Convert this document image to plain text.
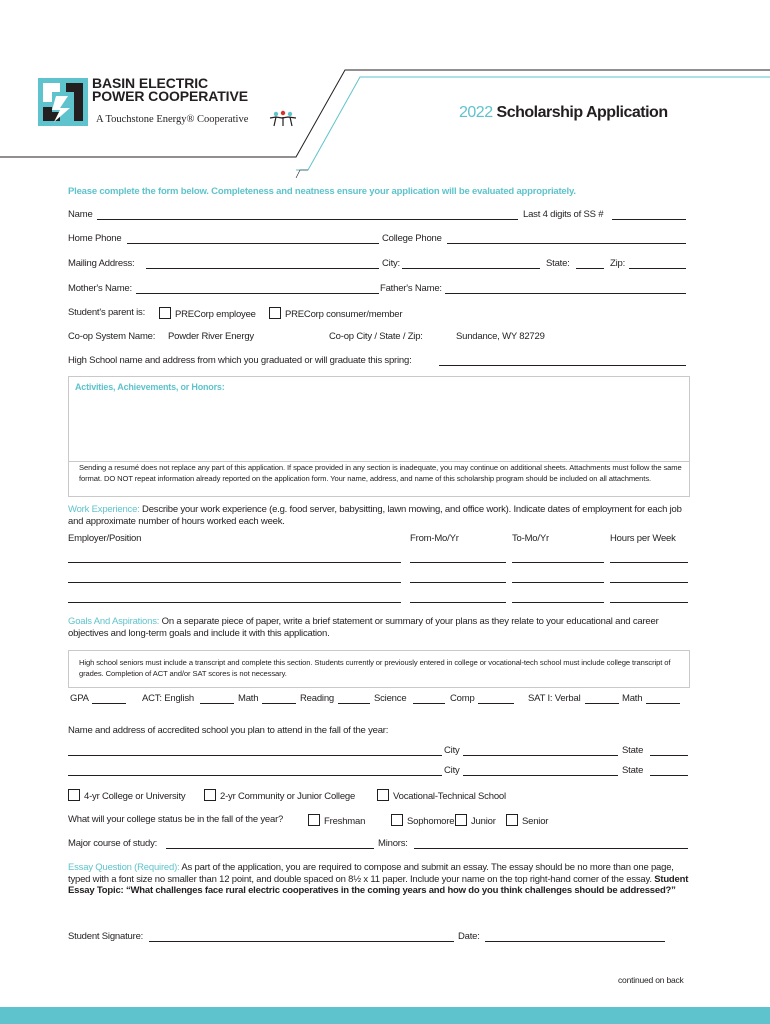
BASIN ELECTRIC
POWER COOPERATIVE
A Touchstone Energy® Cooperative	2022 Scholarship Application
Please complete the form below. Completeness and neatness ensure your application will be evaluated appropriately.
Name	Last 4 digits of SS #
Home Phone	College Phone
Mailing Address:	City:	State:	Zip:
Mother's Name:	Father's Name:
Student's parent is:	PRECorp employee	PRECorp consumer/member
Co-op System Name: Powder River Energy	Co-op City / State / Zip:	Sundance, WY 82729
High School name and address from which you graduated or will graduate this spring:
Activities, Achievements, or Honors:
Sending a resumé does not replace any part of this application. If space provided in any section is inadequate, you may continue on additional sheets. Attachments must follow the same format. DO NOT repeat information already reported on the application form. Your name, address, and name of this scholarship program should be included on all attachments.
Work Experience: Describe your work experience (e.g. food server, babysitting, lawn mowing, and office work). Indicate dates of employment for each job and approximate number of hours worked each week.
Employer/Position	From-Mo/Yr	To-Mo/Yr	Hours per Week
Goals And Aspirations: On a separate piece of paper, write a brief statement or summary of your plans as they relate to your educational and career objectives and long-term goals and include it with this application.
High school seniors must include a transcript and complete this section. Students currently or previously entered in college or vocational-tech school must include college transcript of grades. Completion of ACT and/or SAT scores is not necessary.
GPA	ACT: English	Math	Reading	Science	Comp	SAT I: Verbal	Math
Name and address of accredited school you plan to attend in the fall of the year:
City	State
City	State
4-yr College or University	2-yr Community or Junior College	Vocational-Technical School
What will your college status be in the fall of the year?	Freshman	Sophomore	Junior	Senior
Major course of study:	Minors:
Essay Question (Required): As part of the application, you are required to compose and submit an essay. The essay should be no more than one page, typed with a font size no smaller than 12 point, and double spaced on 8½ x 11 paper. Include your name on the top right-hand corner of the essay. Student Essay Topic: “What challenges face rural electric cooperatives in the coming years and how do you think challenges should be addressed?”
Student Signature:	Date:
continued on back
